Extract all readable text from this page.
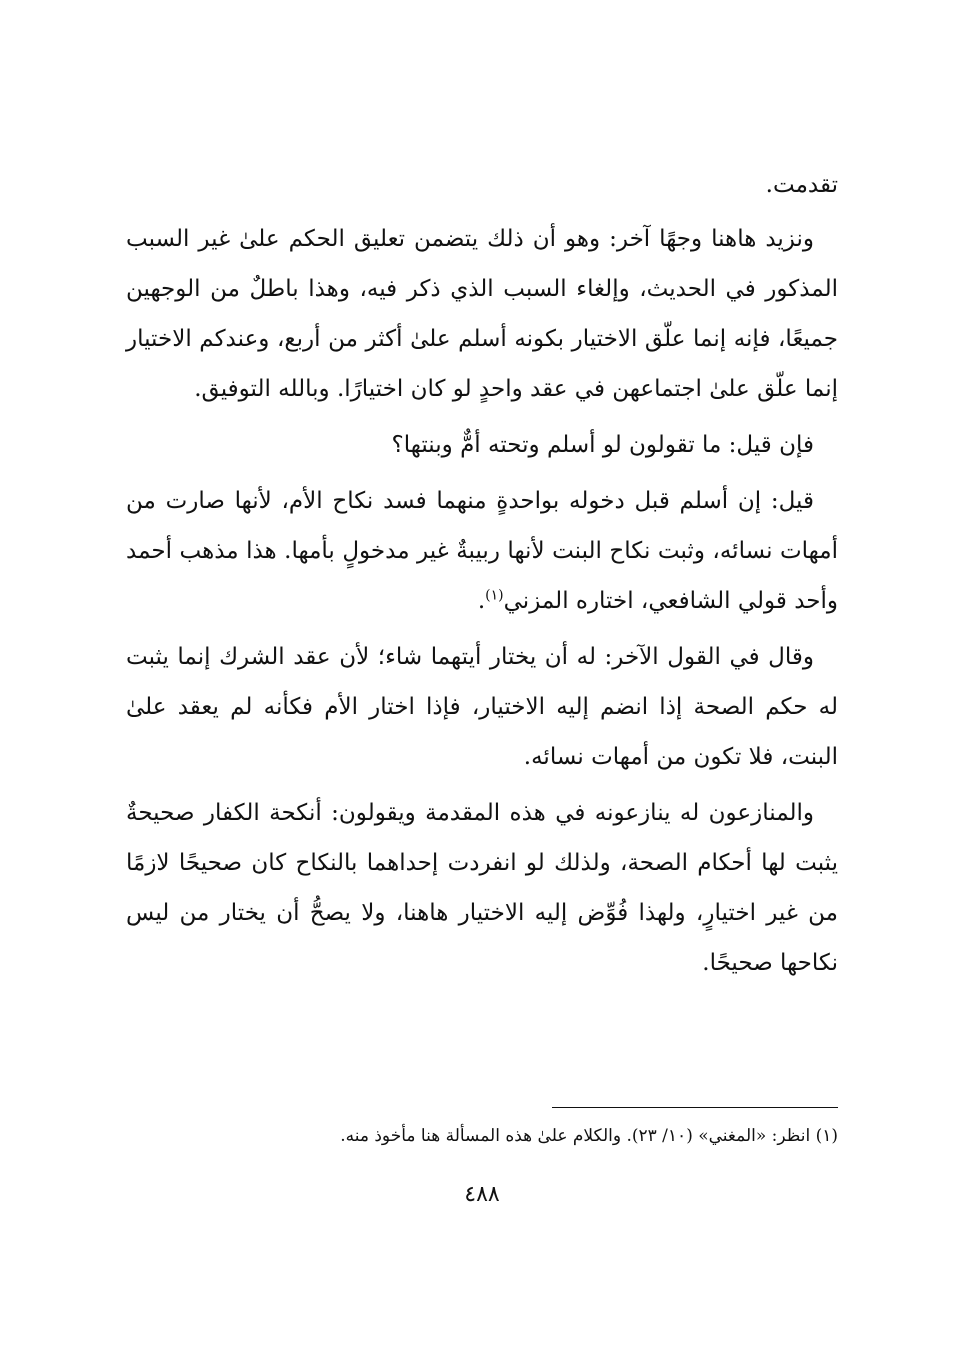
تقدمت.

ونزيد هاهنا وجهًا آخر: وهو أن ذلك يتضمن تعليق الحكم علىٰ غير السبب المذكور في الحديث، وإلغاء السبب الذي ذكر فيه، وهذا باطلٌ من الوجهين جميعًا، فإنه إنما علّق الاختيار بكونه أسلم علىٰ أكثر من أربع، وعندكم الاختيار إنما علّق علىٰ اجتماعهن في عقد واحدٍ لو كان اختيارًا. وبالله التوفيق.

فإن قيل: ما تقولون لو أسلم وتحته أمٌّ وبنتها؟

قيل: إن أسلم قبل دخوله بواحدةٍ منهما فسد نكاح الأم، لأنها صارت من أمهات نسائه، وثبت نكاح البنت لأنها ربيبةٌ غير مدخولٍ بأمها. هذا مذهب أحمد وأحد قولي الشافعي، اختاره المزني$^{(١)}$.

وقال في القول الآخر: له أن يختار أيتهما شاء؛ لأن عقد الشرك إنما يثبت له حكم الصحة إذا انضم إليه الاختيار، فإذا اختار الأم فكأنه لم يعقد علىٰ البنت، فلا تكون من أمهات نسائه.

والمنازعون له ينازعونه في هذه المقدمة ويقولون: أنكحة الكفار صحيحةٌ يثبت لها أحكام الصحة، ولذلك لو انفردت إحداهما بالنكاح كان صحيحًا لازمًا من غير اختيارٍ، ولهذا فُوِّض إليه الاختيار هاهنا، ولا يصحُّ أن يختار من ليس نكاحها صحيحًا.

(١) انظر: «المغني» (١٠/ ٢٣). والكلام علىٰ هذه المسألة هنا مأخوذ منه.
٤٨٨
